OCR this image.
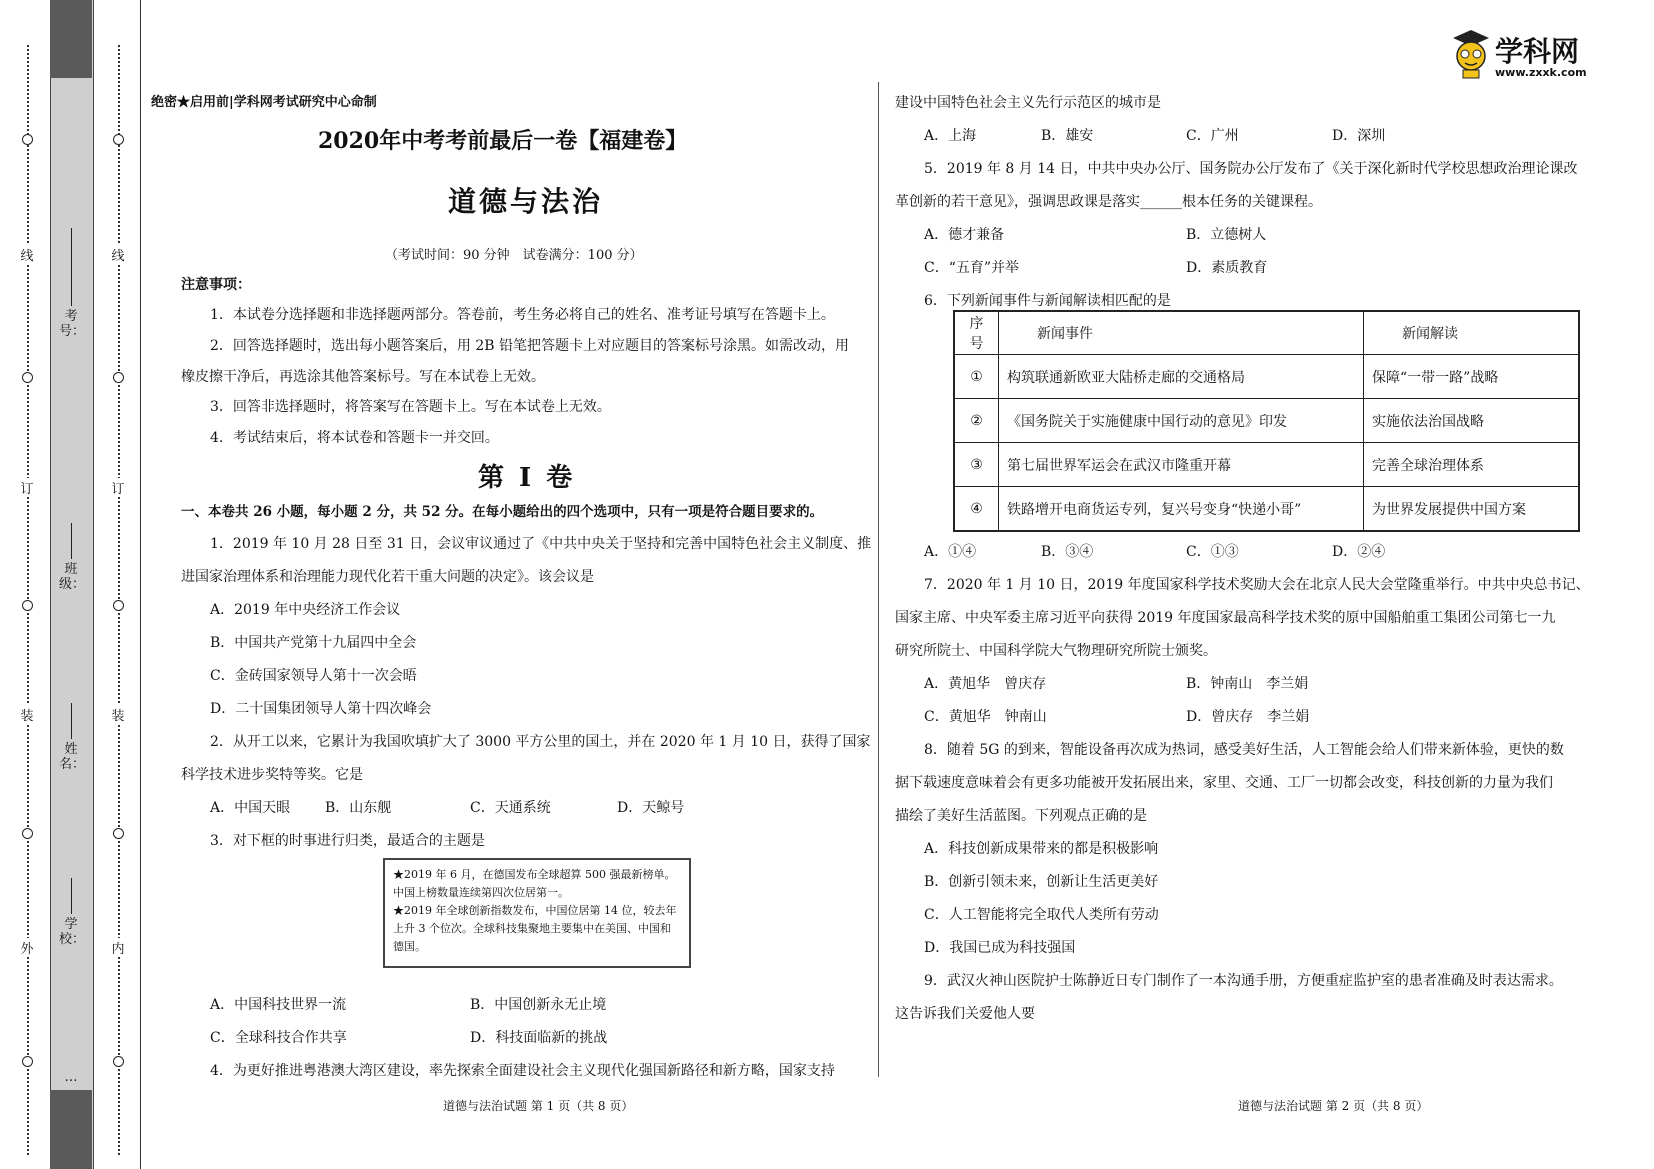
线
订
装
外
线
订
装
内
考号：
班级：
姓名：
学校：
…
学科网
www.zxxk.com
绝密★启用前|学科网考试研究中心命制
2020年中考考前最后一卷【福建卷】
道德与法治
（考试时间：90 分钟　试卷满分：100 分）
注意事项：
1．本试卷分选择题和非选择题两部分。答卷前，考生务必将自己的姓名、准考证号填写在答题卡上。
2．回答选择题时，选出每小题答案后，用 2B 铅笔把答题卡上对应题目的答案标号涂黑。如需改动，用
橡皮擦干净后，再选涂其他答案标号。写在本试卷上无效。
3．回答非选择题时，将答案写在答题卡上。写在本试卷上无效。
4．考试结束后，将本试卷和答题卡一并交回。
第 Ⅰ 卷
一、本卷共 26 小题，每小题 2 分，共 52 分。在每小题给出的四个选项中，只有一项是符合题目要求的。
1．2019 年 10 月 28 日至 31 日，会议审议通过了《中共中央关于坚持和完善中国特色社会主义制度、推
进国家治理体系和治理能力现代化若干重大问题的决定》。该会议是
A．2019 年中央经济工作会议
B．中国共产党第十九届四中全会
C．金砖国家领导人第十一次会晤
D．二十国集团领导人第十四次峰会
2．从开工以来，它累计为我国吹填扩大了 3000 平方公里的国土，并在 2020 年 1 月 10 日，获得了国家
科学技术进步奖特等奖。它是
A．中国天眼 B．山东舰	C．天通系统	D．天鲸号
3．对下框的时事进行归类，最适合的主题是
★2019 年 6 月，在德国发布全球超算 500 强最新榜单。中国上榜数量连续第四次位居第一。
★2019 年全球创新指数发布，中国位居第 14 位，较去年上升 3 个位次。全球科技集聚地主要集中在美国、中国和德国。
A．中国科技世界一流	B．中国创新永无止境
C．全球科技合作共享	D．科技面临新的挑战
4．为更好推进粤港澳大湾区建设，率先探索全面建设社会主义现代化强国新路径和新方略，国家支持
道德与法治试题 第 1 页（共 8 页）
建设中国特色社会主义先行示范区的城市是
A．上海	B．雄安	C．广州	D．深圳
5．2019 年 8 月 14 日，中共中央办公厅、国务院办公厅发布了《关于深化新时代学校思想政治理论课改
革创新的若干意见》，强调思政课是落实______根本任务的关键课程。
A．德才兼备	B．立德树人
C．“五育”并举	D．素质教育
6．下列新闻事件与新闻解读相匹配的是
序号	新闻事件	新闻解读
①	构筑联通新欧亚大陆桥走廊的交通格局	保障“一带一路”战略
②	《国务院关于实施健康中国行动的意见》印发	实施依法治国战略
③	第七届世界军运会在武汉市隆重开幕	完善全球治理体系
④	铁路增开电商货运专列，复兴号变身“快递小哥”	为世界发展提供中国方案
A．①④	B．③④	C．①③	D．②④
7．2020 年 1 月 10 日，2019 年度国家科学技术奖励大会在北京人民大会堂隆重举行。中共中央总书记、
国家主席、中央军委主席习近平向获得 2019 年度国家最高科学技术奖的原中国船舶重工集团公司第七一九
研究所院士、中国科学院大气物理研究所院士颁奖。
A．黄旭华　曾庆存	B．钟南山　李兰娟
C．黄旭华　钟南山	D．曾庆存　李兰娟
8．随着 5G 的到来，智能设备再次成为热词，感受美好生活，人工智能会给人们带来新体验，更快的数
据下载速度意味着会有更多功能被开发拓展出来，家里、交通、工厂一切都会改变，科技创新的力量为我们
描绘了美好生活蓝图。下列观点正确的是
A．科技创新成果带来的都是积极影响
B．创新引领未来，创新让生活更美好
C．人工智能将完全取代人类所有劳动
D．我国已成为科技强国
9．武汉火神山医院护士陈静近日专门制作了一本沟通手册，方便重症监护室的患者准确及时表达需求。
这告诉我们关爱他人要
道德与法治试题 第 2 页（共 8 页）
